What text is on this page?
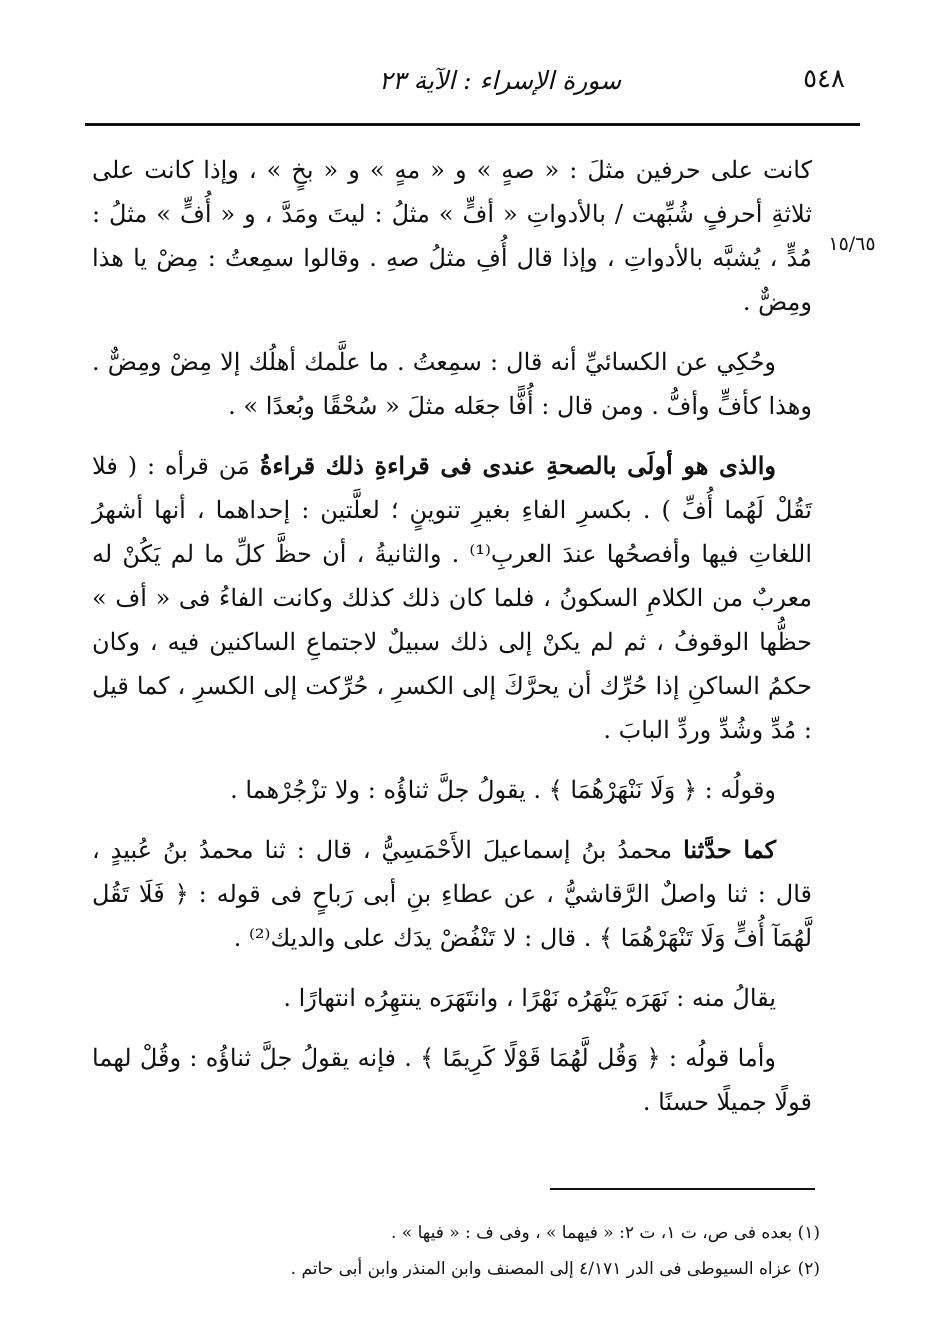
٥٤٨
سورة الإسراء : الآية ٢٣
١٥/٦٥

كانت على حرفين مثلَ : « صهٍ » و « مهٍ » و « بخٍ » ، وإذا كانت على ثلاثةِ أحرفٍ شُبِّهت / بالأدواتِ « أفٍّ » مثلُ : ليتَ ومَدَّ ، و « أُفٍّ » مثلُ : مُدٍّ ، يُشبَّه بالأدواتِ ، وإذا قال أُفِ مثلُ صهِ . وقالوا سمِعتُ : مِضْ يا هذا ومِضٌّ .

وحُكِي عن الكسائيِّ أنه قال : سمِعتُ . ما علَّمك أهلُك إلا مِضْ ومِضٌّ . وهذا كأفٍّ وأفُّ . ومن قال : أُفًّا جعَله مثلَ « سُحْقًا وبُعدًا » .

والذى هو أولَى بالصحةِ عندى فى قراءةِ ذلك قراءةُ مَن قرأه : ( فلا تَقُلْ لَهُما أُفِّ ) . بكسرِ الفاءِ بغيرِ تنوينٍ ؛ لعلَّتين : إحداهما ، أنها أشهرُ اللغاتِ فيها وأفصحُها عندَ العربِ⁽¹⁾ . والثانيةُ ، أن حظَّ كلِّ ما لم يَكُنْ له معربٌ من الكلامِ السكونُ ، فلما كان ذلك كذلك وكانت الفاءُ فى « أف » حظُّها الوقوفُ ، ثم لم يكنْ إلى ذلك سبيلٌ لاجتماعِ الساكنين فيه ، وكان حكمُ الساكنِ إذا حُرِّك أن يحرَّكَ إلى الكسرِ ، حُرِّكت إلى الكسرِ ، كما قيل : مُدِّ وشُدِّ وردِّ البابَ .

وقولُه : ﴿ وَلَا نَنْهَرْهُمَا ﴾ . يقولُ جلَّ ثناؤُه : ولا تزْجُرْهما .

كما حدَّثنا محمدُ بنُ إسماعيلَ الأَحْمَسِيُّ ، قال : ثنا محمدُ بنُ عُبيدٍ ، قال : ثنا واصلٌ الرَّقاشيُّ ، عن عطاءِ بنِ أبى رَباحٍ فى قوله : ﴿ فَلَا تَقُل لَّهُمَآ أُفٍّ وَلَا تَنْهَرْهُمَا ﴾ . قال : لا تَنْفُضْ يدَك على والديك⁽²⁾ .

يقالُ منه : نَهَرَه يَنْهَرُه نَهْرًا ، وانتَهَرَه ينتهِرُه انتهارًا .

وأما قولُه : ﴿ وَقُل لَّهُمَا قَوْلًا كَرِيمًا ﴾ . فإنه يقولُ جلَّ ثناؤُه : وقُلْ لهما قولًا جميلًا حسنًا .

(١) بعده فى ص، ت ١، ت ٢: « فيهما » ، وفى ف : « فيها » .

(٢) عزاه السيوطى فى الدر ٤/١٧١ إلى المصنف وابن المنذر وابن أبى حاتم .
